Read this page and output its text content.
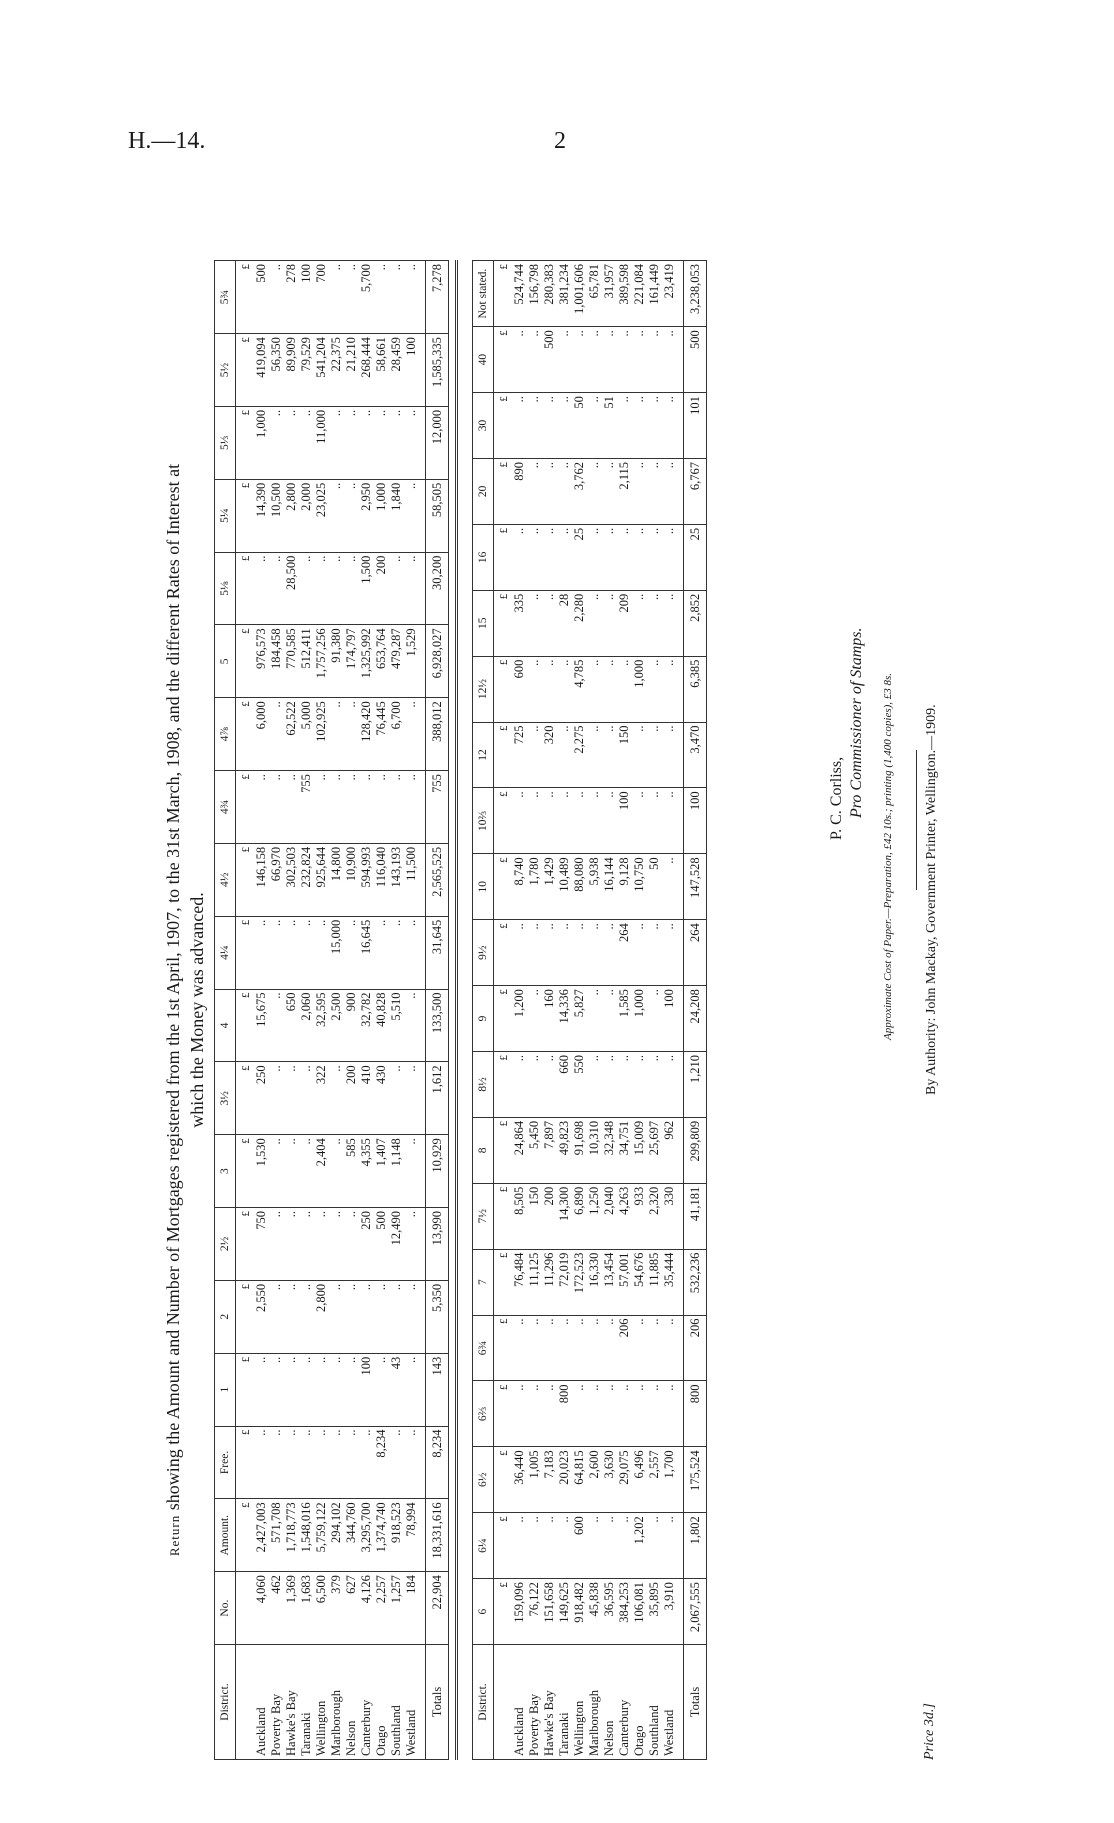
H.—14.	2
Return showing the Amount and Number of Mortgages registered from the 1st April, 1907, to the 31st March, 1908, and the different Rates of Interest at which the Money was advanced.
District.	No.	Amount.	Free.	1	2	2½	3	3½	4	4¼	4½	4¾	4⅞	5	5⅛	5¼	5⅓	5½	5¾
		£	£	£	£	£	£	£	£	£	£	£	£	£	£	£	£	£	£
Auckland	4,060	2,427,003	..	..	2,550	750	1,530	250	15,675	..	146,158	..	6,000	976,573	..	14,390	1,000	419,094	500
Poverty Bay	462	571,708	..	..	..	..	..	..	..	..	66,970	..	..	184,458	..	10,500	..	56,350	..
Hawke's Bay	1,369	1,718,773	..	..	..	..	..	..	650	..	302,503	..	62,522	770,585	28,500	2,800	..	89,909	278
Taranaki	1,683	1,548,016	..	..	..	..	..	..	2,060	..	232,824	755	5,000	512,411	..	2,000	..	79,529	100
Wellington	6,500	5,759,122	..	..	2,800	..	2,404	322	32,595	..	925,644	..	102,925	1,757,256	..	23,025	11,000	541,204	700
Marlborough	379	294,102	..	..	..	..	..	..	2,500	15,000	14,800	..	..	91,380	..	..	..	22,375	..
Nelson	627	344,760	..	..	..	..	585	200	900	..	10,900	..	..	174,797	..	..	..	21,210	..
Canterbury	4,126	3,295,700	..	100	..	250	4,355	410	32,782	16,645	594,993	..	128,420	1,325,992	1,500	2,950	..	268,444	5,700
Otago	2,257	1,374,740	8,234	..	..	500	1,407	430	40,828	..	116,040	..	76,445	653,764	200	1,000	..	58,661	..
Southland	1,257	918,523	..	43	..	12,490	1,148	..	5,510	..	143,193	..	6,700	479,287	..	1,840	..	28,459	..
Westland	184	78,994	..	..	..	..	..	..	..	..	11,500	..	..	1,529	..	..	..	100	..
Totals	22,904	18,331,616	8,234	143	5,350	13,990	10,929	1,612	133,500	31,645	2,565,525	755	388,012	6,928,027	30,200	58,505	12,000	1,585,335	7,278
District.	6	6¼	6½	6⅔	6¾	7	7½	8	8½	9	9½	10	10⅔	12	12½	15	16	20	30	40	Not stated.
	£	£	£	£	£	£	£	£	£	£	£	£	£	£	£	£	£	£	£	£	£
Auckland	159,096	..	36,440	..	..	76,484	8,505	24,864	..	1,200	..	8,740	..	725	600	335	..	890	..	..	524,744
Poverty Bay	76,122	..	1,005	..	..	11,125	150	5,450	..	..	..	1,780	..	..	..	..	..	..	..	..	156,798
Hawke's Bay	151,658	..	7,183	..	..	11,296	200	7,897	..	160	..	1,429	..	320	..	..	..	..	..	500	280,383
Taranaki	149,625	..	20,023	800	..	72,019	14,300	49,823	660	14,336	..	10,489	..	..	..	28	..	..	..	..	381,234
Wellington	918,482	600	64,815	..	..	172,523	6,890	91,698	550	5,827	..	88,080	..	2,275	4,785	2,280	25	3,762	50	..	1,001,606
Marlborough	45,838	..	2,600	..	..	16,330	1,250	10,310	..	..	..	5,938	..	..	..	..	..	..	..	..	65,781
Nelson	36,595	..	3,630	..	..	13,454	2,040	32,348	..	..	..	16,144	..	..	..	..	..	..	51	..	31,957
Canterbury	384,253	..	29,075	..	206	57,001	4,263	34,751	..	1,585	264	9,128	100	150	..	209	..	2,115	..	..	389,598
Otago	106,081	1,202	6,496	..	..	54,676	933	15,009	..	1,000	..	10,750	..	..	1,000	..	..	..	..	..	221,084
Southland	35,895	..	2,557	..	..	11,885	2,320	25,697	..	..	..	50	..	..	..	..	..	..	..	..	161,449
Westland	3,910	..	1,700	..	..	35,444	330	962	..	100	..	..	..	..	..	..	..	..	..	..	23,419
Totals	2,067,555	1,802	175,524	800	206	532,236	41,181	299,809	1,210	24,208	264	147,528	100	3,470	6,385	2,852	25	6,767	101	500	3,238,053
P. C. Corliss, Pro Commissioner of Stamps. Approximate Cost of Paper.—Preparation, £42 10s.; printing (1,400 copies), £3 8s. By Authority: John Mackay, Government Printer, Wellington.—1909.
Price 3d.]
